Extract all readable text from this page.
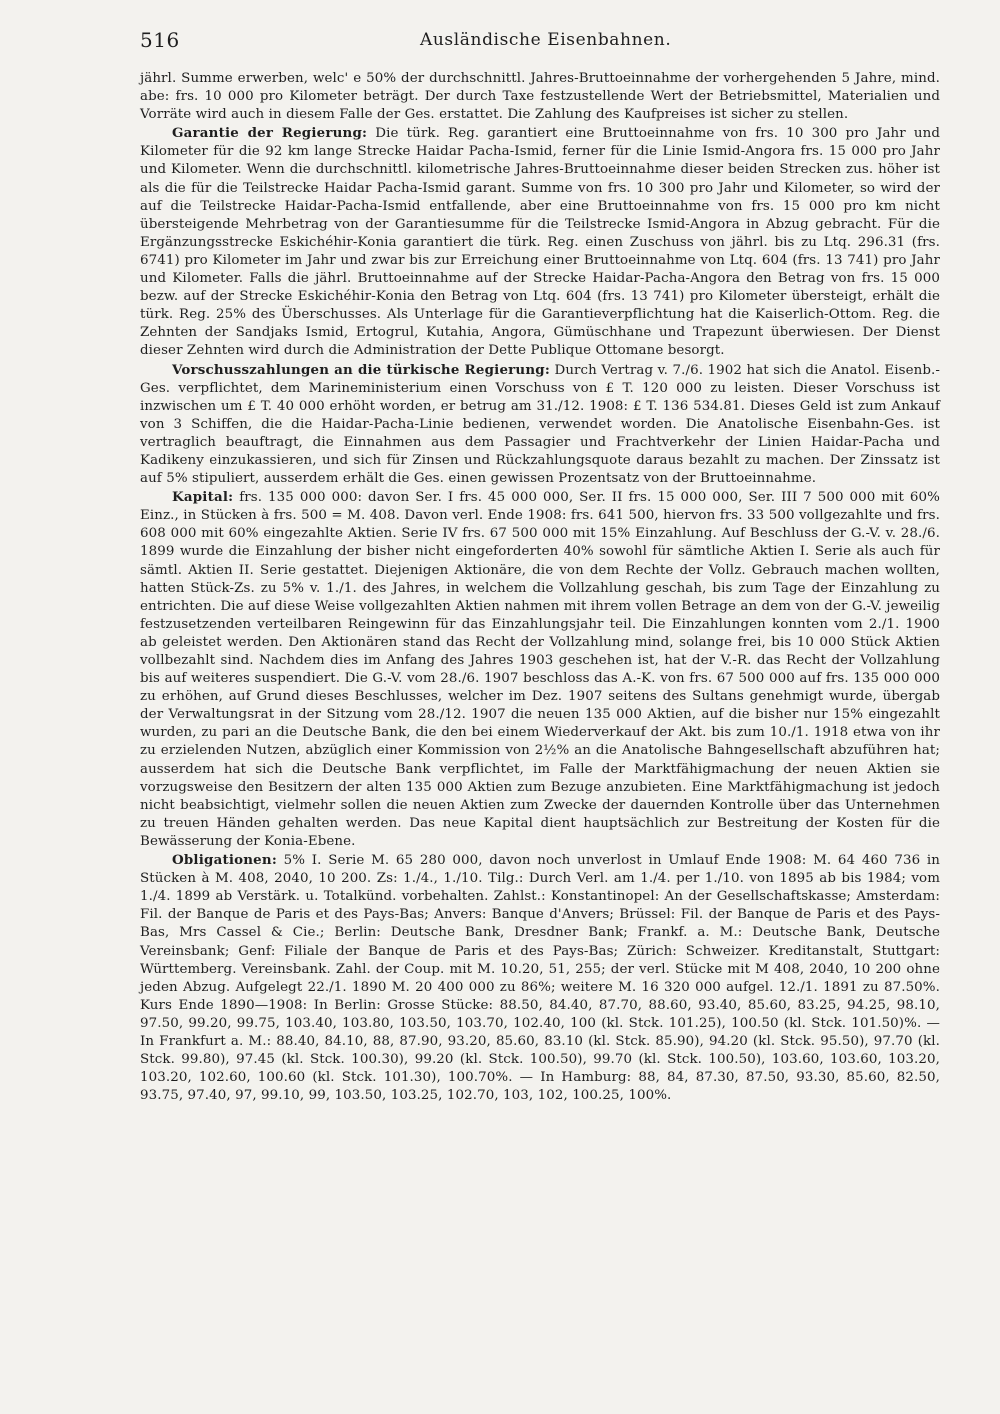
516	Ausländische Eisenbahnen.

jährl. Summe erwerben, welc' e 50% der durchschnittl. Jahres-Bruttoeinnahme der vorhergehenden 5 Jahre, mind. abe: frs. 10 000 pro Kilometer beträgt. Der durch Taxe festzustellende Wert der Betriebsmittel, Materialien und Vorräte wird auch in diesem Falle der Ges. erstattet. Die Zahlung des Kaufpreises ist sicher zu stellen.

Garantie der Regierung: Die türk. Reg. garantiert eine Bruttoeinnahme von frs. 10 300 pro Jahr und Kilometer für die 92 km lange Strecke Haidar Pacha-Ismid, ferner für die Linie Ismid-Angora frs. 15 000 pro Jahr und Kilometer. Wenn die durchschnittl. kilometrische Jahres-Bruttoeinnahme dieser beiden Strecken zus. höher ist als die für die Teilstrecke Haidar Pacha-Ismid garant. Summe von frs. 10 300 pro Jahr und Kilometer, so wird der auf die Teilstrecke Haidar-Pacha-Ismid entfallende, aber eine Bruttoeinnahme von frs. 15 000 pro km nicht übersteigende Mehrbetrag von der Garantiesumme für die Teilstrecke Ismid-Angora in Abzug gebracht. Für die Ergänzungsstrecke Eskichéhir-Konia garantiert die türk. Reg. einen Zuschuss von jährl. bis zu Ltq. 296.31 (frs. 6741) pro Kilometer im Jahr und zwar bis zur Erreichung einer Bruttoeinnahme von Ltq. 604 (frs. 13 741) pro Jahr und Kilometer. Falls die jährl. Bruttoeinnahme auf der Strecke Haidar-Pacha-Angora den Betrag von frs. 15 000 bezw. auf der Strecke Eskichéhir-Konia den Betrag von Ltq. 604 (frs. 13 741) pro Kilometer übersteigt, erhält die türk. Reg. 25% des Überschusses. Als Unterlage für die Garantieverpflichtung hat die Kaiserlich-Ottom. Reg. die Zehnten der Sandjaks Ismid, Ertogrul, Kutahia, Angora, Gümüschhane und Trapezunt überwiesen. Der Dienst dieser Zehnten wird durch die Administration der Dette Publique Ottomane besorgt.

Vorschusszahlungen an die türkische Regierung: Durch Vertrag v. 7./6. 1902 hat sich die Anatol. Eisenb.-Ges. verpflichtet, dem Marineministerium einen Vorschuss von £ T. 120 000 zu leisten. Dieser Vorschuss ist inzwischen um £ T. 40 000 erhöht worden, er betrug am 31./12. 1908: £ T. 136 534.81. Dieses Geld ist zum Ankauf von 3 Schiffen, die die Haidar-Pacha-Linie bedienen, verwendet worden. Die Anatolische Eisenbahn-Ges. ist vertraglich beauftragt, die Einnahmen aus dem Passagier und Frachtverkehr der Linien Haidar-Pacha und Kadikeny einzukassieren, und sich für Zinsen und Rückzahlungsquote daraus bezahlt zu machen. Der Zinssatz ist auf 5% stipuliert, ausserdem erhält die Ges. einen gewissen Prozentsatz von der Bruttoeinnahme.

Kapital: frs. 135 000 000: davon Ser. I frs. 45 000 000, Ser. II frs. 15 000 000, Ser. III 7 500 000 mit 60% Einz., in Stücken à frs. 500 = M. 408. Davon verl. Ende 1908: frs. 641 500, hiervon frs. 33 500 vollgezahlte und frs. 608 000 mit 60% eingezahlte Aktien. Serie IV frs. 67 500 000 mit 15% Einzahlung. Auf Beschluss der G.-V. v. 28./6. 1899 wurde die Einzahlung der bisher nicht eingeforderten 40% sowohl für sämtliche Aktien I. Serie als auch für sämtl. Aktien II. Serie gestattet. Diejenigen Aktionäre, die von dem Rechte der Vollz. Gebrauch machen wollten, hatten Stück-Zs. zu 5% v. 1./1. des Jahres, in welchem die Vollzahlung geschah, bis zum Tage der Einzahlung zu entrichten. Die auf diese Weise vollgezahlten Aktien nahmen mit ihrem vollen Betrage an dem von der G.-V. jeweilig festzusetzenden verteilbaren Reingewinn für das Einzahlungsjahr teil. Die Einzahlungen konnten vom 2./1. 1900 ab geleistet werden. Den Aktionären stand das Recht der Vollzahlung mind, solange frei, bis 10 000 Stück Aktien vollbezahlt sind. Nachdem dies im Anfang des Jahres 1903 geschehen ist, hat der V.-R. das Recht der Vollzahlung bis auf weiteres suspendiert. Die G.-V. vom 28./6. 1907 beschloss das A.-K. von frs. 67 500 000 auf frs. 135 000 000 zu erhöhen, auf Grund dieses Beschlusses, welcher im Dez. 1907 seitens des Sultans genehmigt wurde, übergab der Verwaltungsrat in der Sitzung vom 28./12. 1907 die neuen 135 000 Aktien, auf die bisher nur 15% eingezahlt wurden, zu pari an die Deutsche Bank, die den bei einem Wiederverkauf der Akt. bis zum 10./1. 1918 etwa von ihr zu erzielenden Nutzen, abzüglich einer Kommission von 2½% an die Anatolische Bahngesellschaft abzuführen hat; ausserdem hat sich die Deutsche Bank verpflichtet, im Falle der Marktfähigmachung der neuen Aktien sie vorzugsweise den Besitzern der alten 135 000 Aktien zum Bezuge anzubieten. Eine Marktfähigmachung ist jedoch nicht beabsichtigt, vielmehr sollen die neuen Aktien zum Zwecke der dauernden Kontrolle über das Unternehmen zu treuen Händen gehalten werden. Das neue Kapital dient hauptsächlich zur Bestreitung der Kosten für die Bewässerung der Konia-Ebene.

Obligationen: 5% I. Serie M. 65 280 000, davon noch unverlost in Umlauf Ende 1908: M. 64 460 736 in Stücken à M. 408, 2040, 10 200. Zs: 1./4., 1./10. Tilg.: Durch Verl. am 1./4. per 1./10. von 1895 ab bis 1984; vom 1./4. 1899 ab Verstärk. u. Totalkünd. vorbehalten. Zahlst.: Konstantinopel: An der Gesellschaftskasse; Amsterdam: Fil. der Banque de Paris et des Pays-Bas; Anvers: Banque d'Anvers; Brüssel: Fil. der Banque de Paris et des Pays-Bas, Mrs Cassel & Cie.; Berlin: Deutsche Bank, Dresdner Bank; Frankf. a. M.: Deutsche Bank, Deutsche Vereinsbank; Genf: Filiale der Banque de Paris et des Pays-Bas; Zürich: Schweizer. Kreditanstalt, Stuttgart: Württemberg. Vereinsbank. Zahl. der Coup. mit M. 10.20, 51, 255; der verl. Stücke mit M 408, 2040, 10 200 ohne jeden Abzug. Aufgelegt 22./1. 1890 M. 20 400 000 zu 86%; weitere M. 16 320 000 aufgel. 12./1. 1891 zu 87.50%. Kurs Ende 1890—1908: In Berlin: Grosse Stücke: 88.50, 84.40, 87.70, 88.60, 93.40, 85.60, 83.25, 94.25, 98.10, 97.50, 99.20, 99.75, 103.40, 103.80, 103.50, 103.70, 102.40, 100 (kl. Stck. 101.25), 100.50 (kl. Stck. 101.50)%. — In Frankfurt a. M.: 88.40, 84.10, 88, 87.90, 93.20, 85.60, 83.10 (kl. Stck. 85.90), 94.20 (kl. Stck. 95.50), 97.70 (kl. Stck. 99.80), 97.45 (kl. Stck. 100.30), 99.20 (kl. Stck. 100.50), 99.70 (kl. Stck. 100.50), 103.60, 103.60, 103.20, 103.20, 102.60, 100.60 (kl. Stck. 101.30), 100.70%. — In Hamburg: 88, 84, 87.30, 87.50, 93.30, 85.60, 82.50, 93.75, 97.40, 97, 99.10, 99, 103.50, 103.25, 102.70, 103, 102, 100.25, 100%.
